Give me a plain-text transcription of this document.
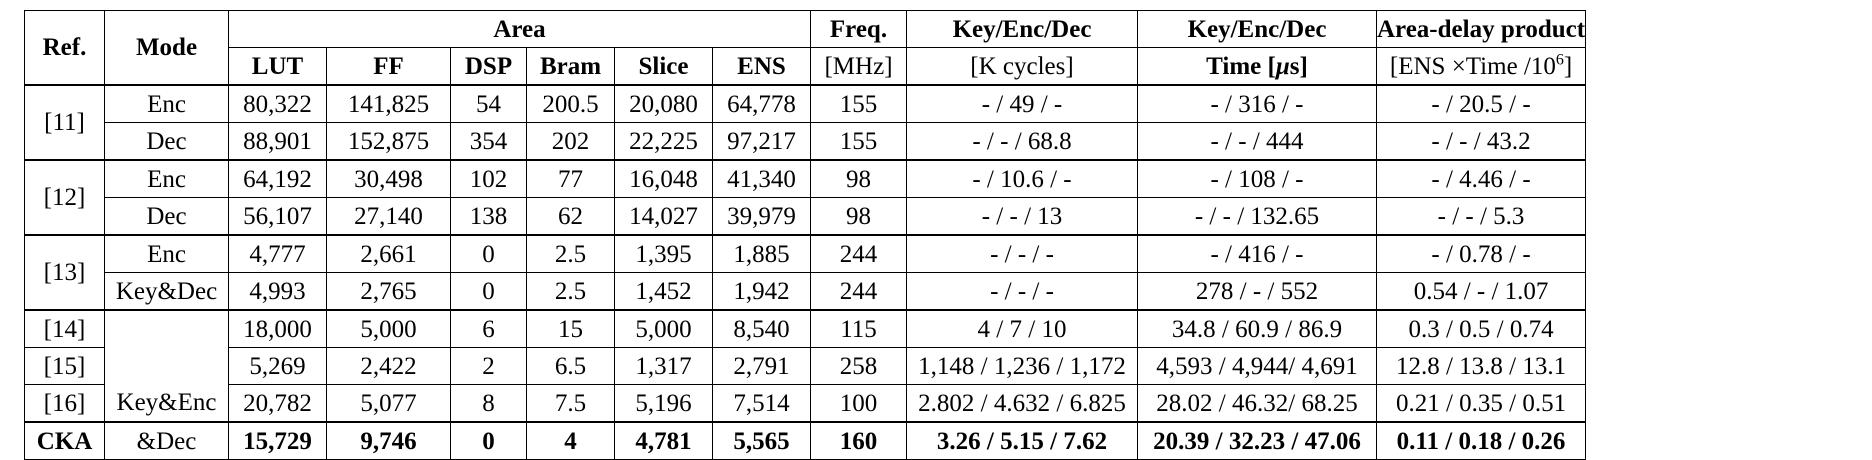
Ref.	Mode	Area						Freq.	Key/Enc/Dec	Key/Enc/Dec	Area-delay product
		LUT	FF	DSP	Bram	Slice	ENS	[MHz]	[K cycles]	Time [μs]	[ENS ×Time $/10^6$]
[11]	Enc	80,322	141,825	54	200.5	20,080	64,778	155	- / 49 / -	- / 316 / -	- / 20.5 / -
	Dec	88,901	152,875	354	202	22,225	97,217	155	- / - / 68.8	- / - / 444	- / - / 43.2
[12]	Enc	64,192	30,498	102	77	16,048	41,340	98	- / 10.6 / -	- / 108 / -	- / 4.46 / -
	Dec	56,107	27,140	138	62	14,027	39,979	98	- / - / 13	- / - / 132.65	- / - / 5.3
[13]	Enc	4,777	2,661	0	2.5	1,395	1,885	244	- / - / -	- / 416 / -	- / 0.78 / -
	Key&Dec	4,993	2,765	0	2.5	1,452	1,942	244	- / - / -	278 / - / 552	0.54 / - / 1.07
[14]	Key&Enc	18,000	5,000	6	15	5,000	8,540	115	4 / 7 / 10	34.8 / 60.9 / 86.9	0.3 / 0.5 / 0.74
[15]		5,269	2,422	2	6.5	1,317	2,791	258	1,148 / 1,236 / 1,172	4,593 / 4,944/ 4,691	12.8 / 13.8 / 13.1
[16]		20,782	5,077	8	7.5	5,196	7,514	100	2.802 / 4.632 / 6.825	28.02 / 46.32/ 68.25	0.21 / 0.35 / 0.51
CKA	&Dec	15,729	9,746	0	4	4,781	5,565	160	3.26 / 5.15 / 7.62	20.39 / 32.23 / 47.06	0.11 / 0.18 / 0.26
